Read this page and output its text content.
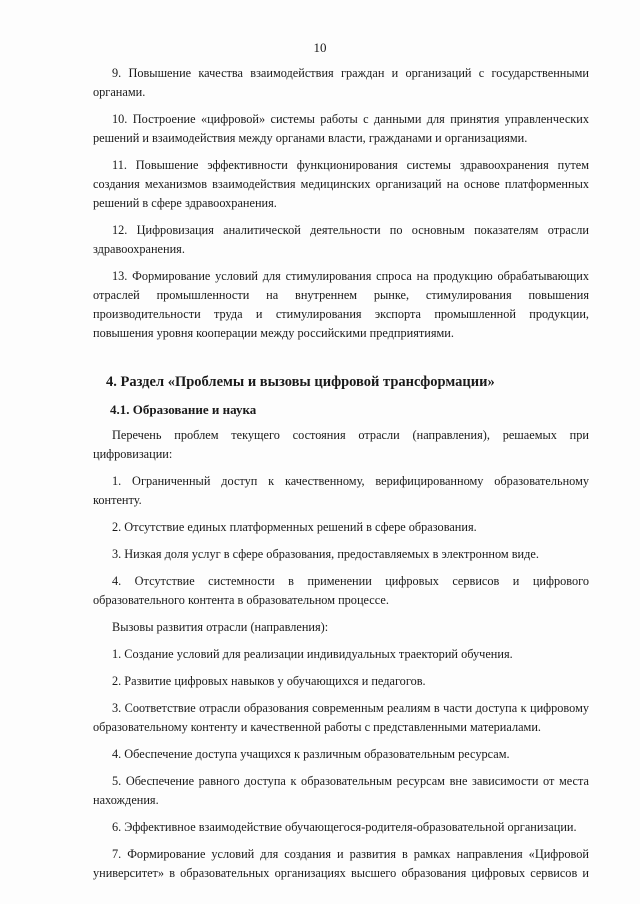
10

9. Повышение качества взаимодействия граждан и организаций с государственными органами.

10. Построение «цифровой» системы работы с данными для принятия управленческих решений и взаимодействия между органами власти, гражданами и организациями.

11. Повышение эффективности функционирования системы здравоохранения путем создания механизмов взаимодействия медицинских организаций на основе платформенных решений в сфере здравоохранения.

12. Цифровизация аналитической деятельности по основным показателям отрасли здравоохранения.

13. Формирование условий для стимулирования спроса на продукцию обрабатывающих отраслей промышленности на внутреннем рынке, стимулирования повышения производительности труда и стимулирования экспорта промышленной продукции, повышения уровня кооперации между российскими предприятиями.

4. Раздел «Проблемы и вызовы цифровой трансформации»
4.1. Образование и наука

Перечень проблем текущего состояния отрасли (направления), решаемых при цифровизации:

1. Ограниченный доступ к качественному, верифицированному образовательному контенту.

2. Отсутствие единых платформенных решений в сфере образования.

3. Низкая доля услуг в сфере образования, предоставляемых в электронном виде.

4. Отсутствие системности в применении цифровых сервисов и цифрового образовательного контента в образовательном процессе.

Вызовы развития отрасли (направления):

1. Создание условий для реализации индивидуальных траекторий обучения.

2. Развитие цифровых навыков у обучающихся и педагогов.

3. Соответствие отрасли образования современным реалиям в части доступа к цифровому образовательному контенту и качественной работы с представленными материалами.

4. Обеспечение доступа учащихся к различным образовательным ресурсам.

5. Обеспечение равного доступа к образовательным ресурсам вне зависимости от места нахождения.

6. Эффективное взаимодействие обучающегося-родителя-образовательной организации.

7. Формирование условий для создания и развития в рамках направления «Цифровой университет» в образовательных организациях высшего образования цифровых сервисов и
